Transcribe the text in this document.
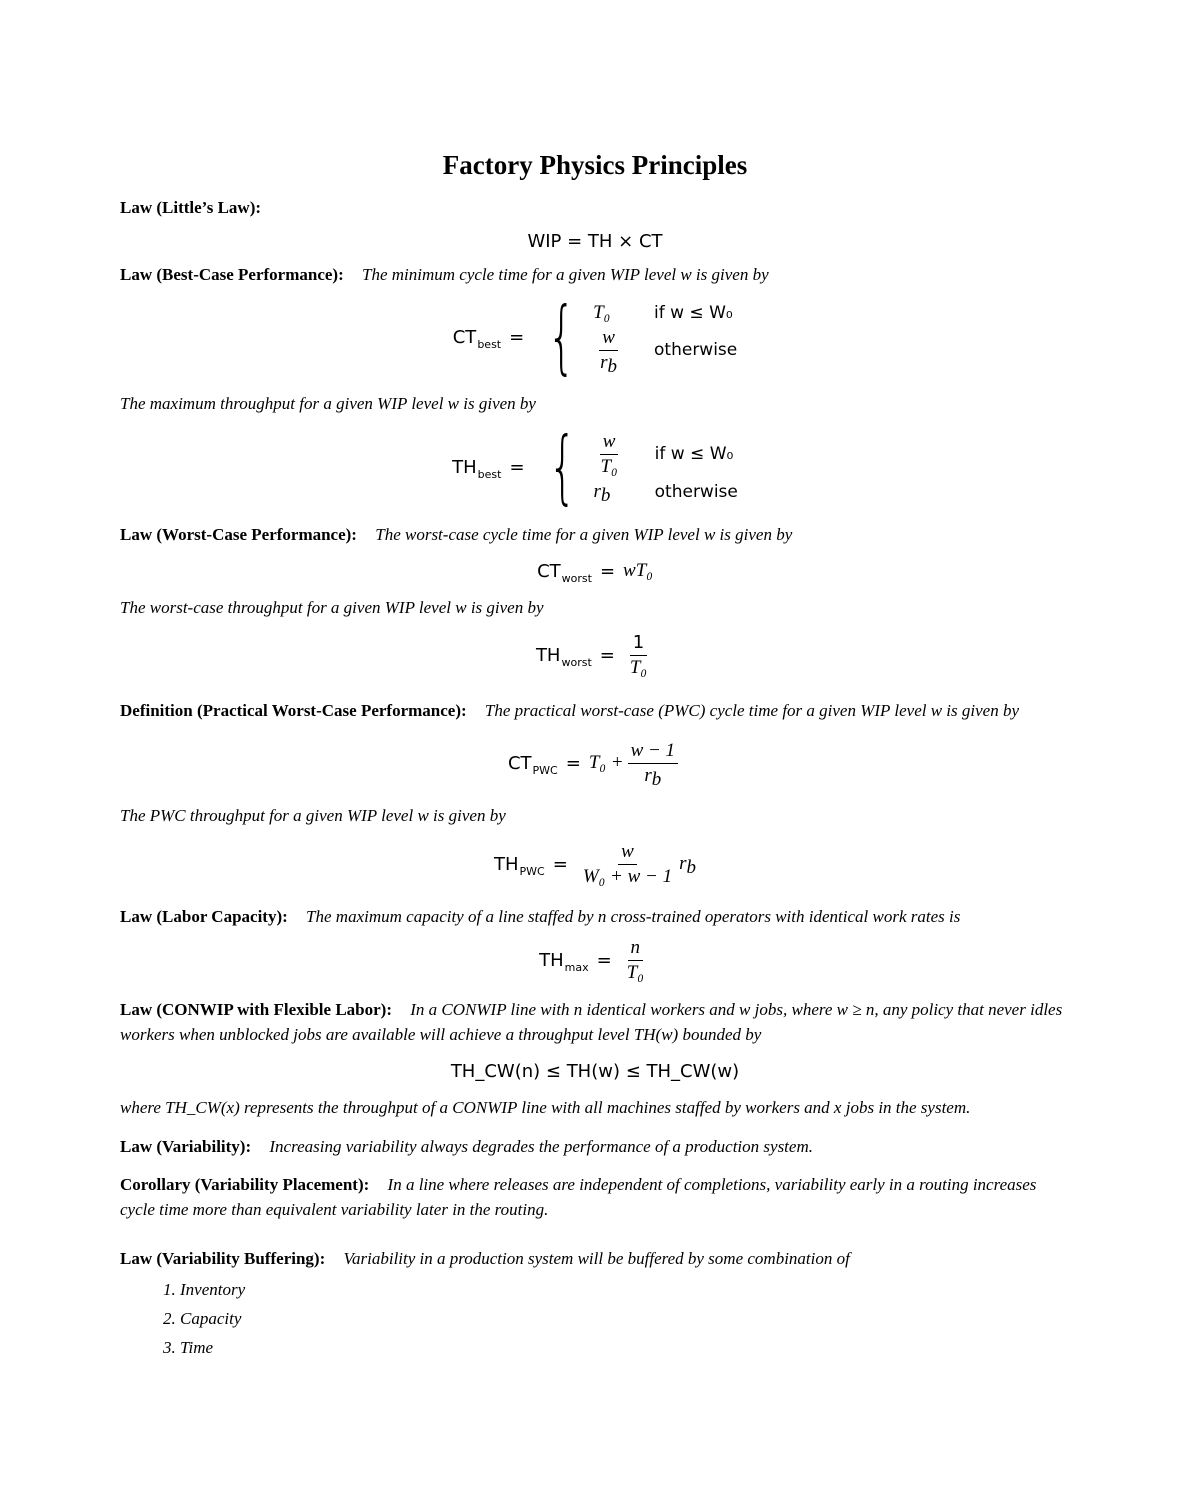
Factory Physics Principles

Law (Little’s Law):

WIP = TH × CT

Law (Best-Case Performance): The minimum cycle time for a given WIP level w is given by

$CT_{best}$ = { T₀	if w ≤ W₀
$\frac{w}{rb}$ otherwise

The maximum throughput for a given WIP level w is given by

$TH_{best}$ = { $\frac{w}{\text{T₀}}$ if w ≤ W₀
rb	otherwise

Law (Worst-Case Performance): The worst-case cycle time for a given WIP level w is given by

$CT_{worst} = wT_0$

The worst-case throughput for a given WIP level w is given by

$TH_{worst} = \frac{1}{\text{T₀}}$

Definition (Practical Worst-Case Performance): The practical worst-case (PWC) cycle time for a given WIP level w is given by

$CT_{PWC} = T_0 + \frac{w - 1}{rb}$

The PWC throughput for a given WIP level w is given by

$TH_{PWC} = \frac{w}{\text{W₀ + w − 1}}$ rb

Law (Labor Capacity): The maximum capacity of a line staffed by n cross-trained operators with identical work rates is

$TH_{max} = \frac{n}{\text{T₀}}$

Law (CONWIP with Flexible Labor): In a CONWIP line with n identical workers and w jobs, where w ≥ n, any policy that never idles workers when unblocked jobs are available will achieve a throughput level TH(w) bounded by

TH_CW(n) ≤ TH(w) ≤ TH_CW(w)

where TH_CW(x) represents the throughput of a CONWIP line with all machines staffed by workers and x jobs in the system.

Law (Variability): Increasing variability always degrades the performance of a production system.

Corollary (Variability Placement): In a line where releases are independent of completions, variability early in a routing increases cycle time more than equivalent variability later in the routing.

Law (Variability Buffering): Variability in a production system will be buffered by some combination of

1. Inventory
2. Capacity
3. Time
